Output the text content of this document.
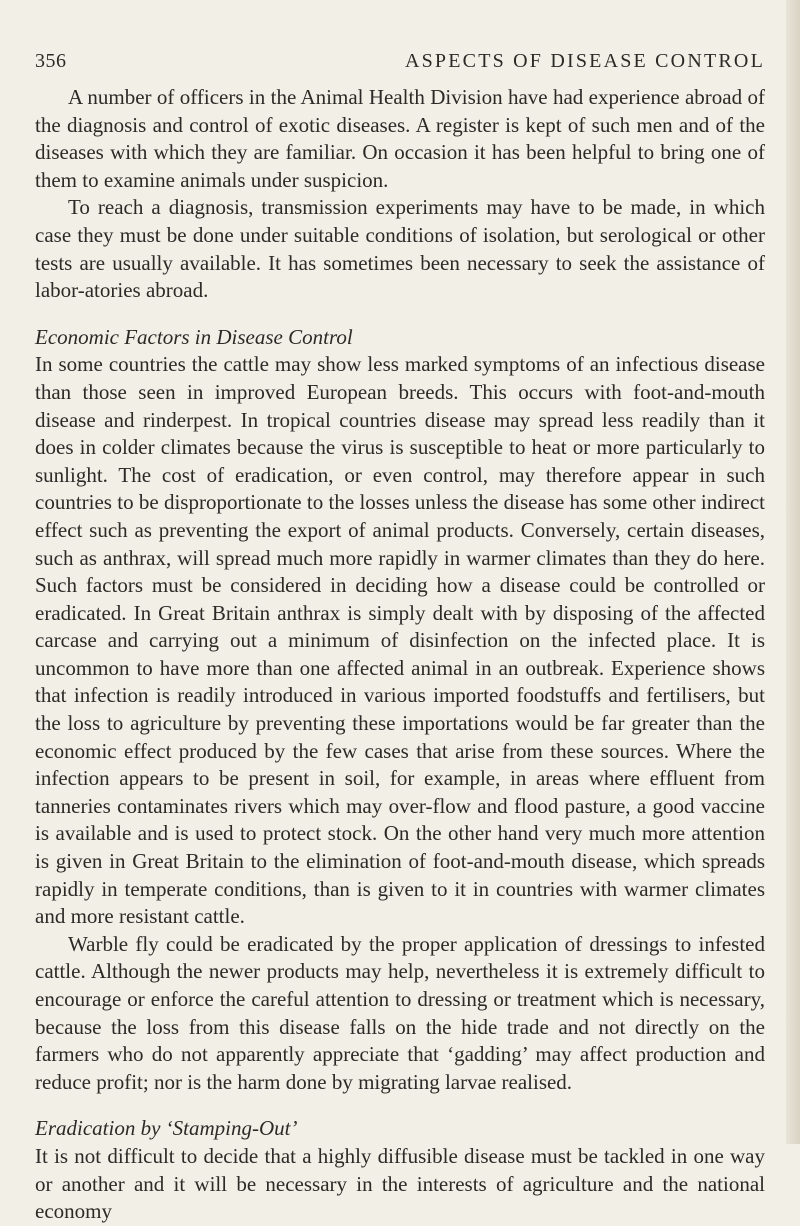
356	ASPECTS OF DISEASE CONTROL

A number of officers in the Animal Health Division have had experience abroad of the diagnosis and control of exotic diseases. A register is kept of such men and of the diseases with which they are familiar. On occasion it has been helpful to bring one of them to examine animals under suspicion.

To reach a diagnosis, transmission experiments may have to be made, in which case they must be done under suitable conditions of isolation, but serological or other tests are usually available. It has sometimes been necessary to seek the assistance of labor-atories abroad.

Economic Factors in Disease Control

In some countries the cattle may show less marked symptoms of an infectious disease than those seen in improved European breeds. This occurs with foot-and-mouth disease and rinderpest. In tropical countries disease may spread less readily than it does in colder climates because the virus is susceptible to heat or more particularly to sunlight. The cost of eradication, or even control, may therefore appear in such countries to be disproportionate to the losses unless the disease has some other indirect effect such as preventing the export of animal products. Conversely, certain diseases, such as anthrax, will spread much more rapidly in warmer climates than they do here. Such factors must be considered in deciding how a disease could be controlled or eradicated. In Great Britain anthrax is simply dealt with by disposing of the affected carcase and carrying out a minimum of disinfection on the infected place. It is uncommon to have more than one affected animal in an outbreak. Experience shows that infection is readily introduced in various imported foodstuffs and fertilisers, but the loss to agriculture by preventing these importations would be far greater than the economic effect produced by the few cases that arise from these sources. Where the infection appears to be present in soil, for example, in areas where effluent from tanneries contaminates rivers which may over-flow and flood pasture, a good vaccine is available and is used to protect stock. On the other hand very much more attention is given in Great Britain to the elimination of foot-and-mouth disease, which spreads rapidly in temperate conditions, than is given to it in countries with warmer climates and more resistant cattle.

Warble fly could be eradicated by the proper application of dressings to infested cattle. Although the newer products may help, nevertheless it is extremely difficult to encourage or enforce the careful attention to dressing or treatment which is necessary, because the loss from this disease falls on the hide trade and not directly on the farmers who do not apparently appreciate that ‘gadding’ may affect production and reduce profit; nor is the harm done by migrating larvae realised.

Eradication by ‘Stamping-Out’

It is not difficult to decide that a highly diffusible disease must be tackled in one way or another and it will be necessary in the interests of agriculture and the national economy
